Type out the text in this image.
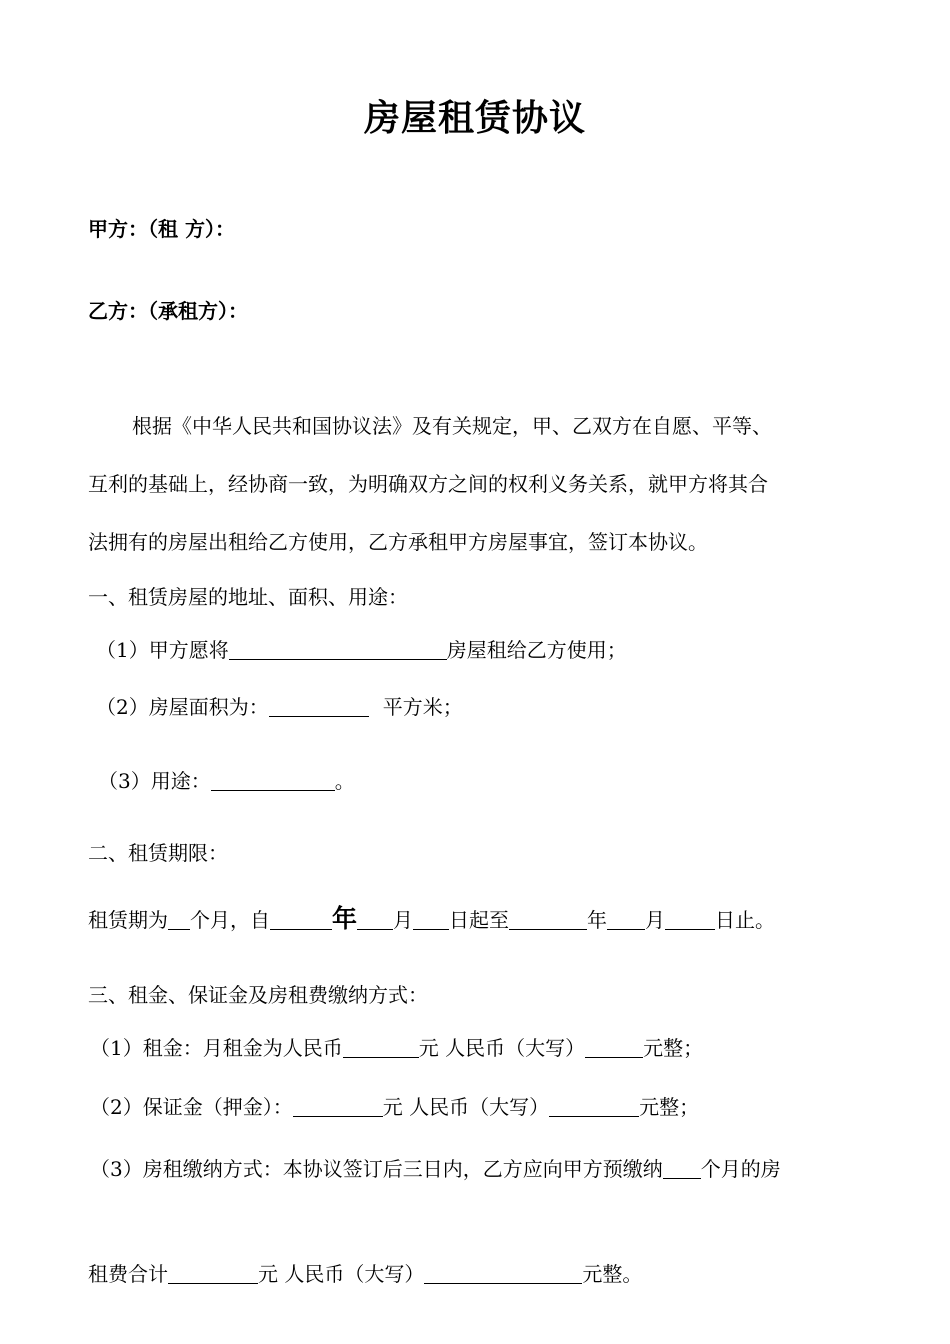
房屋租赁协议
甲方：（租 方）：
乙方：（承租方）：
根据《中华人民共和国协议法》及有关规定，甲、乙双方在自愿、平等、
互利的基础上，经协商一致，为明确双方之间的权利义务关系，就甲方将其合
法拥有的房屋出租给乙方使用，乙方承租甲方房屋事宜，签订本协议。
一、租赁房屋的地址、面积、用途：
（1）甲方愿将	房屋租给乙方使用；
（2）房屋面积为：	平方米；
（3）用途：	。
二、租赁期限：
租赁期为 个月，自 年 月 日起至	年 月	日止。
三、租金、保证金及房租费缴纳方式：
（1）租金：月租金为人民币	元 人民币（大写）	元整；
（2）保证金（押金）：	元 人民币（大写）	元整；
（3）房租缴纳方式：本协议签订后三日内，乙方应向甲方预缴纳 个月的房
租费合计	元 人民币（大写）	元整。
